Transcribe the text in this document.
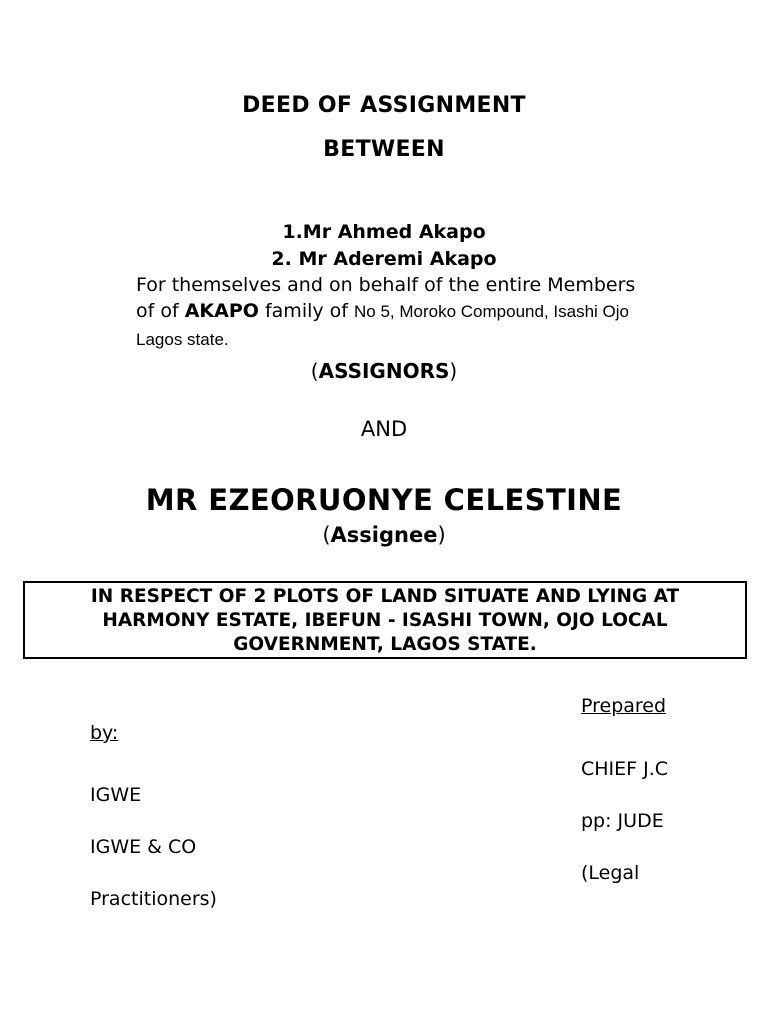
DEED OF ASSIGNMENT
BETWEEN
1.Mr Ahmed Akapo
2. Mr Aderemi Akapo
For themselves and on behalf of the entire Members
of of AKAPO family of No 5, Moroko Compound, Isashi Ojo
Lagos state.
(ASSIGNORS)
AND
MR EZEORUONYE CELESTINE
(Assignee)
IN RESPECT OF 2 PLOTS OF LAND SITUATE AND LYING AT
HARMONY ESTATE, IBEFUN - ISASHI TOWN, OJO LOCAL
GOVERNMENT, LAGOS STATE.
Prepared
by:
CHIEF J.C
IGWE
pp: JUDE
IGWE & CO
(Legal
Practitioners)
